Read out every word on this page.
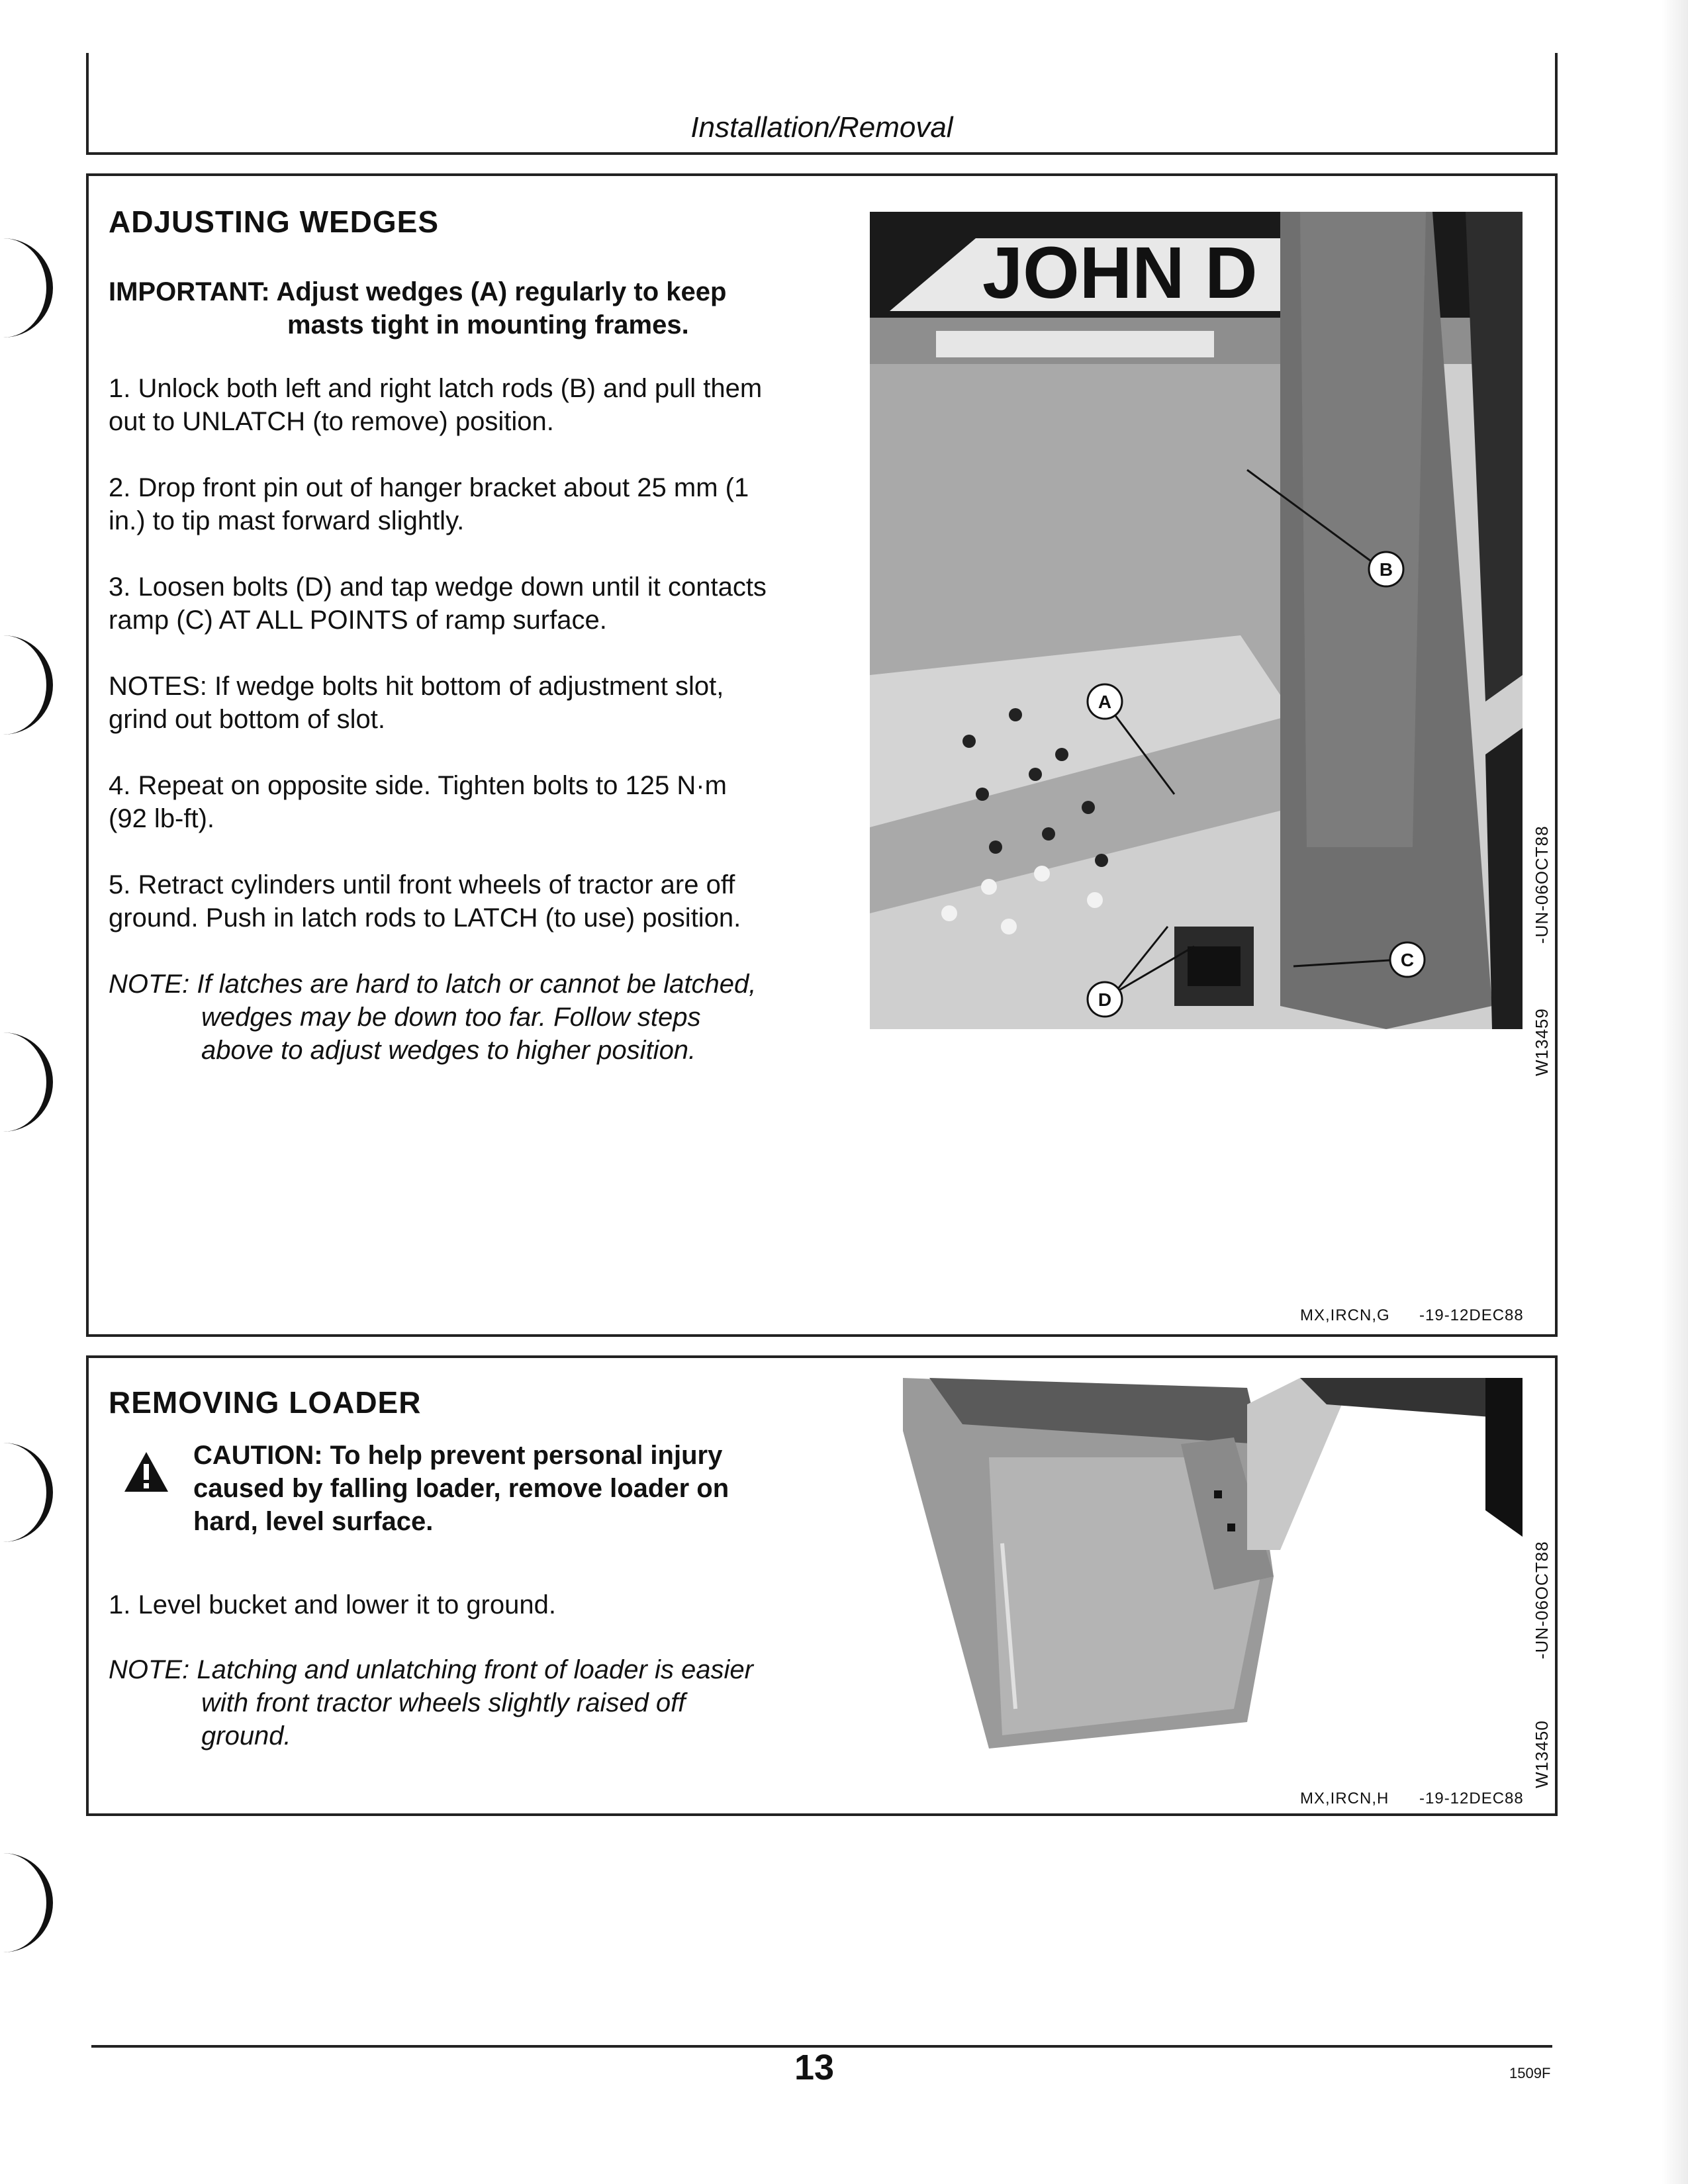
Installation/Removal
ADJUSTING WEDGES
IMPORTANT: Adjust wedges (A) regularly to keep
masts tight in mounting frames.
1. Unlock both left and right latch rods (B) and pull them
out to UNLATCH (to remove) position.
2. Drop front pin out of hanger bracket about 25 mm (1
in.) to tip mast forward slightly.
3. Loosen bolts (D) and tap wedge down until it contacts
ramp (C) AT ALL POINTS of ramp surface.
NOTES: If wedge bolts hit bottom of adjustment slot,
grind out bottom of slot.
4. Repeat on opposite side. Tighten bolts to 125 N·m
(92 lb-ft).
5. Retract cylinders until front wheels of tractor are off
ground. Push in latch rods to LATCH (to use) position.
NOTE: If latches are hard to latch or cannot be latched,
wedges may be down too far. Follow steps
above to adjust wedges to higher position.
JOHN D
B
A
C
D
W13459
-UN-06OCT88
MX,IRCN,G -19-12DEC88
REMOVING LOADER
CAUTION: To help prevent personal injury
caused by falling loader, remove loader on
hard, level surface.
1. Level bucket and lower it to ground.
NOTE: Latching and unlatching front of loader is easier
with front tractor wheels slightly raised off
ground.	W13450
-UN-06OCT88
MX,IRCN,H -19-12DEC88
13	1509F
